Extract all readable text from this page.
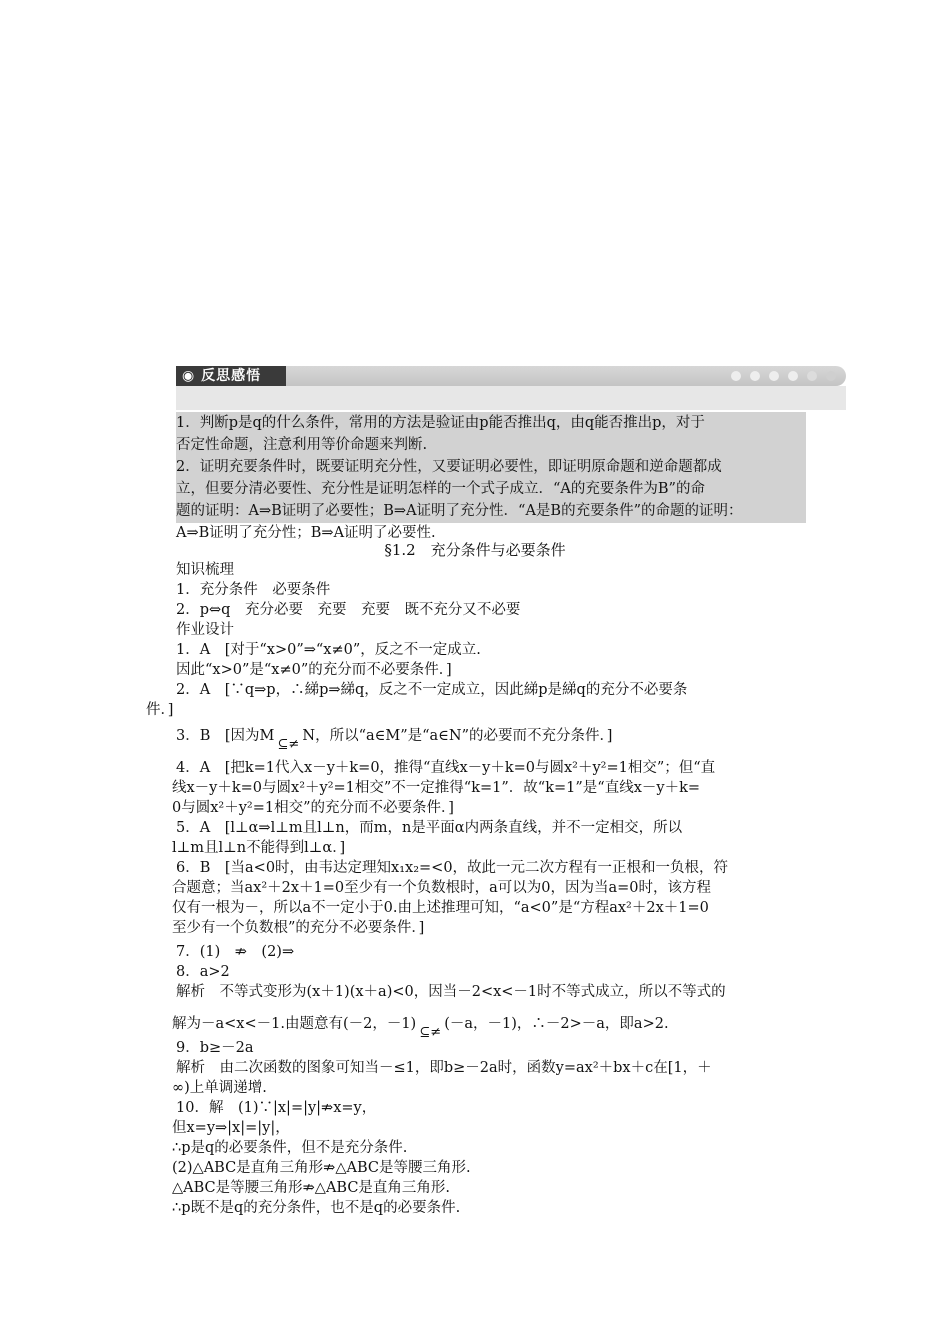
◉ 反思感悟

1．判断p是q的什么条件，常用的方法是验证由p能否推出q，由q能否推出p，对于

否定性命题，注意利用等价命题来判断.

2．证明充要条件时，既要证明充分性，又要证明必要性，即证明原命题和逆命题都成

立，但要分清必要性、充分性是证明怎样的一个式子成立．“A的充要条件为B”的命

题的证明：A⇒B证明了必要性；B⇒A证明了充分性．“A是B的充要条件”的命题的证明：

A⇒B证明了充分性；B⇒A证明了必要性.

§1.2　充分条件与必要条件

知识梳理

1．充分条件　必要条件

2．p⇔q　充分必要　充要　充要　既不充分又不必要

作业设计

1．A　[对于“x>0”⇒“x≠0”，反之不一定成立.

因此“x>0”是“x≠0”的充分而不必要条件．]

2．A　[∵q⇒p，∴綈p⇒綈q，反之不一定成立，因此綈p是綈q的充分不必要条

件．]

3．B　[因为M⊆≠N，所以“a∈M”是“a∈N”的必要而不充分条件．]

4．A　[把k=1代入x－y＋k=0，推得“直线x－y＋k=0与圆x²＋y²=1相交”；但“直

线x－y＋k=0与圆x²＋y²=1相交”不一定推得“k=1”．故“k=1”是“直线x－y＋k=

0与圆x²＋y²=1相交”的充分而不必要条件．]

5．A　[l⊥α⇒l⊥m且l⊥n，而m，n是平面α内两条直线，并不一定相交，所以

l⊥m且l⊥n不能得到l⊥α．]

6．B　[当a<0时，由韦达定理知x₁x₂=<0，故此一元二次方程有一正根和一负根，符

合题意；当ax²＋2x＋1=0至少有一个负数根时，a可以为0，因为当a=0时，该方程

仅有一根为－，所以a不一定小于0.由上述推理可知，“a<0”是“方程ax²＋2x＋1=0

至少有一个负数根”的充分不必要条件．]

7．(1)　⇏　(2)⇒

8．a>2

解析　不等式变形为(x＋1)(x＋a)<0，因当－2<x<－1时不等式成立，所以不等式的

解为－a<x<－1.由题意有(－2，－1)⊆≠(－a，－1)，∴－2>－a，即a>2.

9．b≥－2a

解析　由二次函数的图象可知当－≤1，即b≥－2a时，函数y=ax²＋bx＋c在[1，＋

∞)上单调递增.

10．解　(1)∵|x|=|y|⇏x=y，

但x=y⇒|x|=|y|，

∴p是q的必要条件，但不是充分条件.

(2)△ABC是直角三角形⇏△ABC是等腰三角形.

△ABC是等腰三角形⇏△ABC是直角三角形.

∴p既不是q的充分条件，也不是q的必要条件.
